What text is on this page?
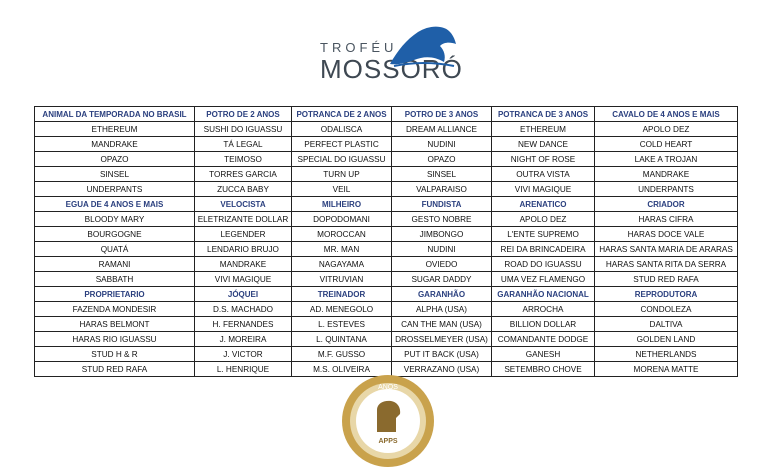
TROFÉU
MOSSORÓ
ANIMAL DA TEMPORADA NO BRASIL	POTRO DE 2 ANOS	POTRANCA DE 2 ANOS	POTRO DE 3 ANOS	POTRANCA DE 3 ANOS	CAVALO DE 4 ANOS E MAIS
ETHEREUM	SUSHI DO IGUASSU	ODALISCA	DREAM ALLIANCE	ETHEREUM	APOLO DEZ
MANDRAKE	TÁ LEGAL	PERFECT PLASTIC	NUDINI	NEW DANCE	COLD HEART
OPAZO	TEIMOSO	SPECIAL DO IGUASSU	OPAZO	NIGHT OF ROSE	LAKE A TROJAN
SINSEL	TORRES GARCIA	TURN UP	SINSEL	OUTRA VISTA	MANDRAKE
UNDERPANTS	ZUCCA BABY	VEIL	VALPARAISO	VIVI MAGIQUE	UNDERPANTS
EGUA DE 4 ANOS E MAIS	VELOCISTA	MILHEIRO	FUNDISTA	ARENATICO	CRIADOR
BLOODY MARY	ELETRIZANTE DOLLAR	DOPODOMANI	GESTO NOBRE	APOLO DEZ	HARAS CIFRA
BOURGOGNE	LEGENDER	MOROCCAN	JIMBONGO	L'ENTE SUPREMO	HARAS DOCE VALE
QUATÁ	LENDARIO BRUJO	MR. MAN	NUDINI	REI DA BRINCADEIRA	HARAS SANTA MARIA DE ARARAS
RAMANI	MANDRAKE	NAGAYAMA	OVIEDO	ROAD DO IGUASSU	HARAS SANTA RITA DA SERRA
SABBATH	VIVI MAGIQUE	VITRUVIAN	SUGAR DADDY	UMA VEZ FLAMENGO	STUD RED RAFA
PROPRIETARIO	JÓQUEI	TREINADOR	GARANHÃO	GARANHÃO NACIONAL	REPRODUTORA
FAZENDA MONDESIR	D.S. MACHADO	AD. MENEGOLO	ALPHA (USA)	ARROCHA	CONDOLEZA
HARAS BELMONT	H. FERNANDES	L. ESTEVES	CAN THE MAN (USA)	BILLION DOLLAR	DALTIVA
HARAS RIO IGUASSU	J. MOREIRA	L. QUINTANA	DROSSELMEYER (USA)	COMANDANTE DODGE	GOLDEN LAND
STUD H & R	J. VICTOR	M.F. GUSSO	PUT IT BACK (USA)	GANESH	NETHERLANDS
STUD RED RAFA	L. HENRIQUE	M.S. OLIVEIRA	VERRAZANO (USA)	SETEMBRO CHOVE	MORENA MATTE
ANOS
APPS
